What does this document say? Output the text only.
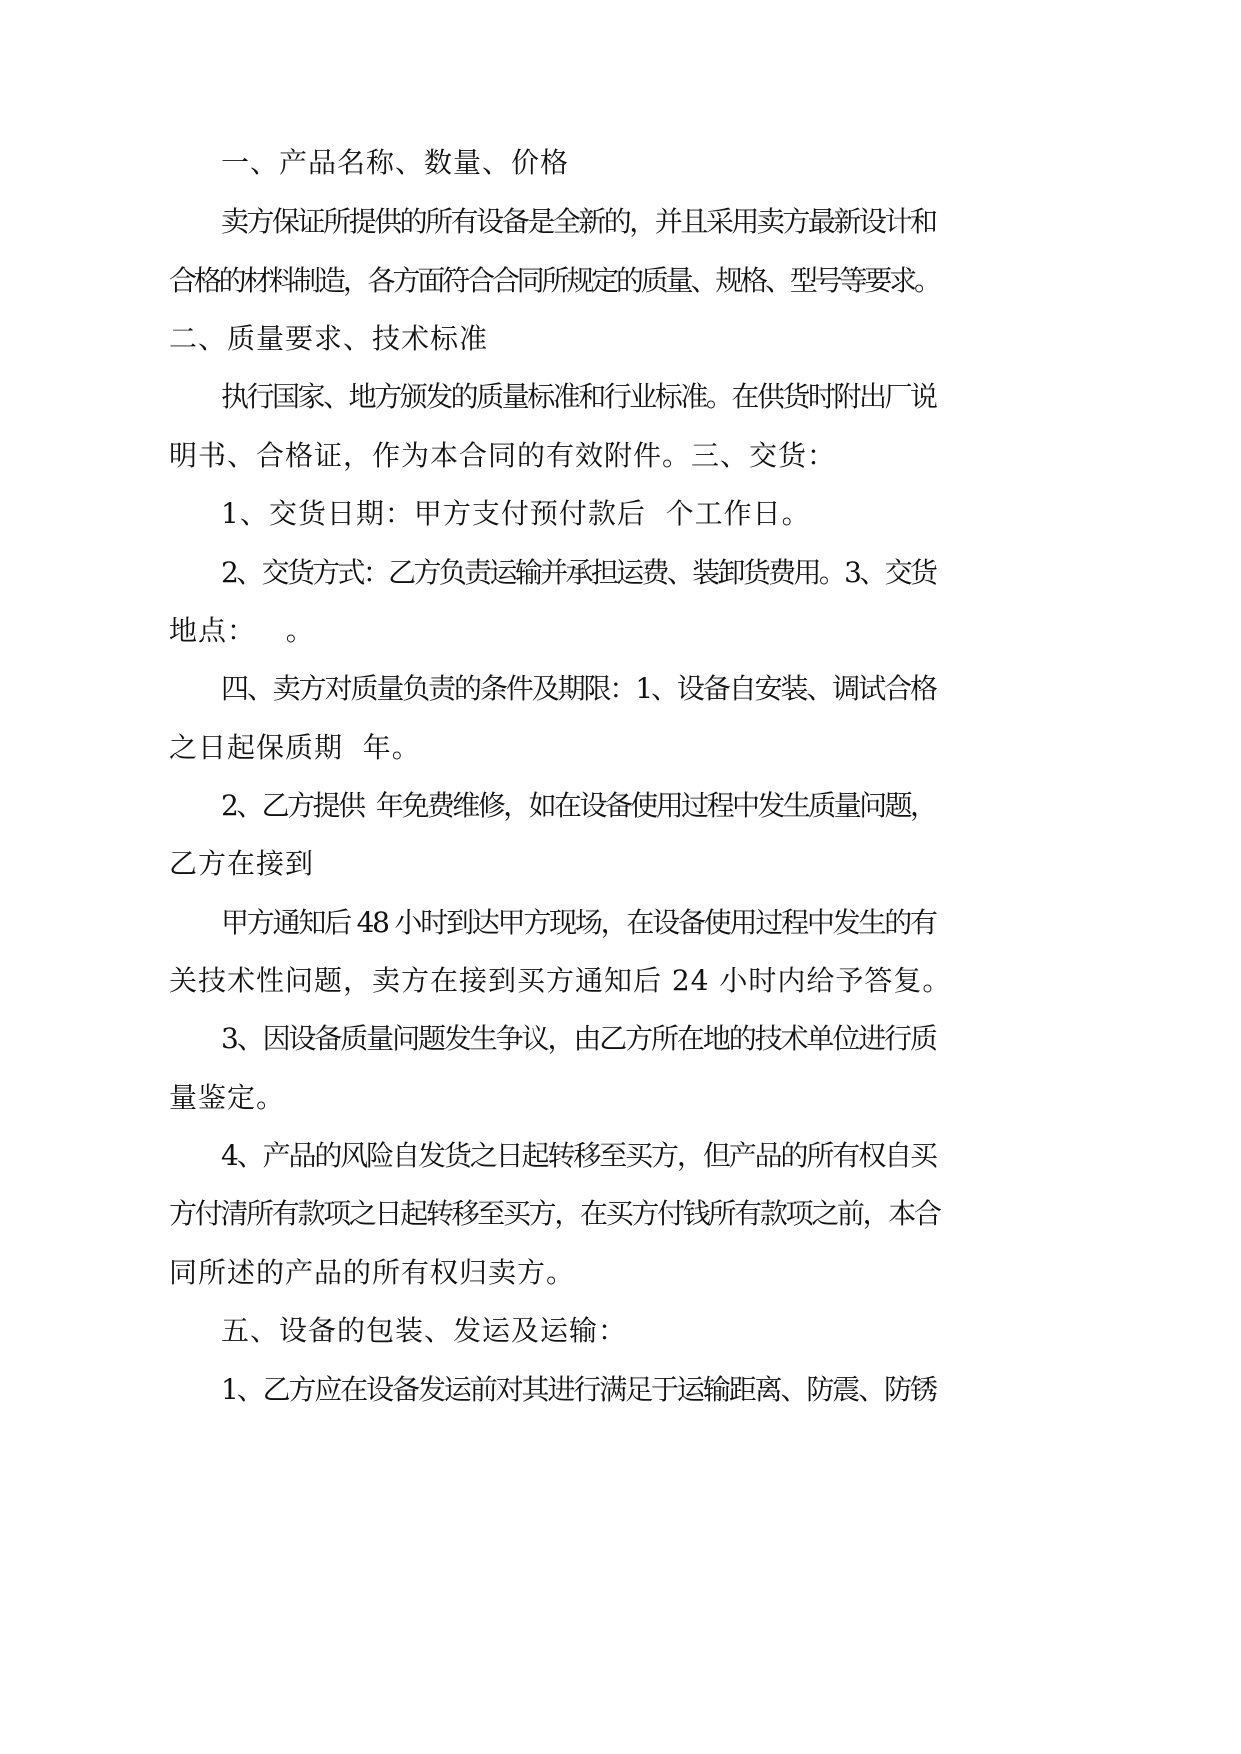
一、产品名称、数量、价格
卖方保证所提供的所有设备是全新的，并且采用卖方最新设计和
合格的材料制造，各方面符合合同所规定的质量、规格、型号等要求。
二、质量要求、技术标准
执行国家、地方颁发的质量标准和行业标准。在供货时附出厂说
明书、合格证，作为本合同的有效附件。三、交货：
1、交货日期：甲方支付预付款后  个工作日。
2、交货方式：乙方负责运输并承担运费、装卸货费用。3、交货
地点：   。
四、卖方对质量负责的条件及期限：1、设备自安装、调试合格
之日起保质期  年。
2、乙方提供  年免费维修，如在设备使用过程中发生质量问题，
乙方在接到
甲方通知后 48 小时到达甲方现场，在设备使用过程中发生的有
关技术性问题，卖方在接到买方通知后 24 小时内给予答复。
3、因设备质量问题发生争议，由乙方所在地的技术单位进行质
量鉴定。
4、产品的风险自发货之日起转移至买方，但产品的所有权自买
方付清所有款项之日起转移至买方，在买方付钱所有款项之前，本合
同所述的产品的所有权归卖方。
五、设备的包装、发运及运输：
1、乙方应在设备发运前对其进行满足于运输距离、防震、防锈
